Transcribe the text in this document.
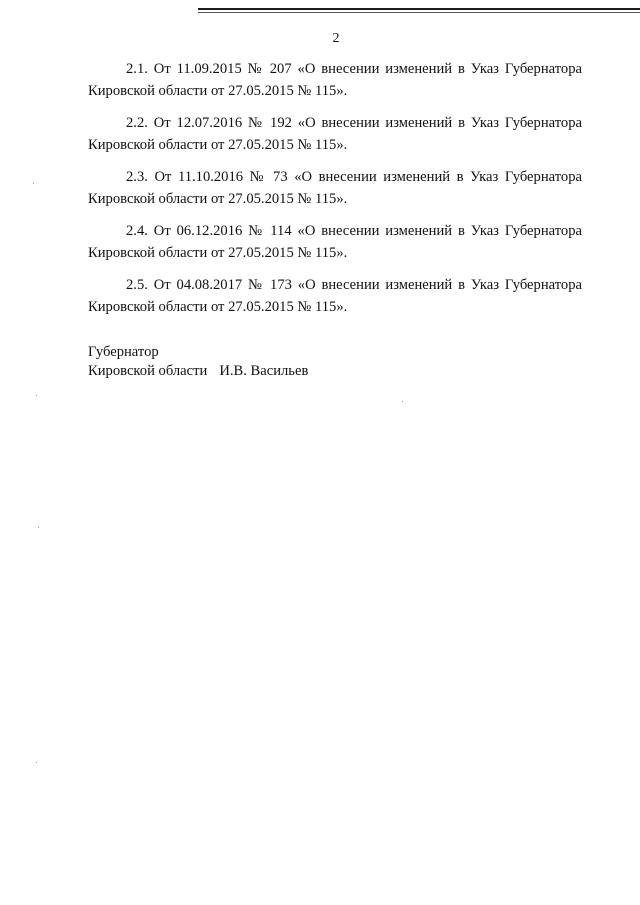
2
2.1. От 11.09.2015 № 207 «О внесении изменений в Указ Губернатора
Кировской области от 27.05.2015 № 115».
2.2. От 12.07.2016 № 192 «О внесении изменений в Указ Губернатора
Кировской области от 27.05.2015 № 115».
2.3. От 11.10.2016 № 73 «О внесении изменений в Указ Губернатора
Кировской области от 27.05.2015 № 115».
2.4. От 06.12.2016 № 114 «О внесении изменений в Указ Губернатора
Кировской области от 27.05.2015 № 115».
2.5. От 04.08.2017 № 173 «О внесении изменений в Указ Губернатора
Кировской области от 27.05.2015 № 115».
Губернатор
Кировской области И.В. Васильев
